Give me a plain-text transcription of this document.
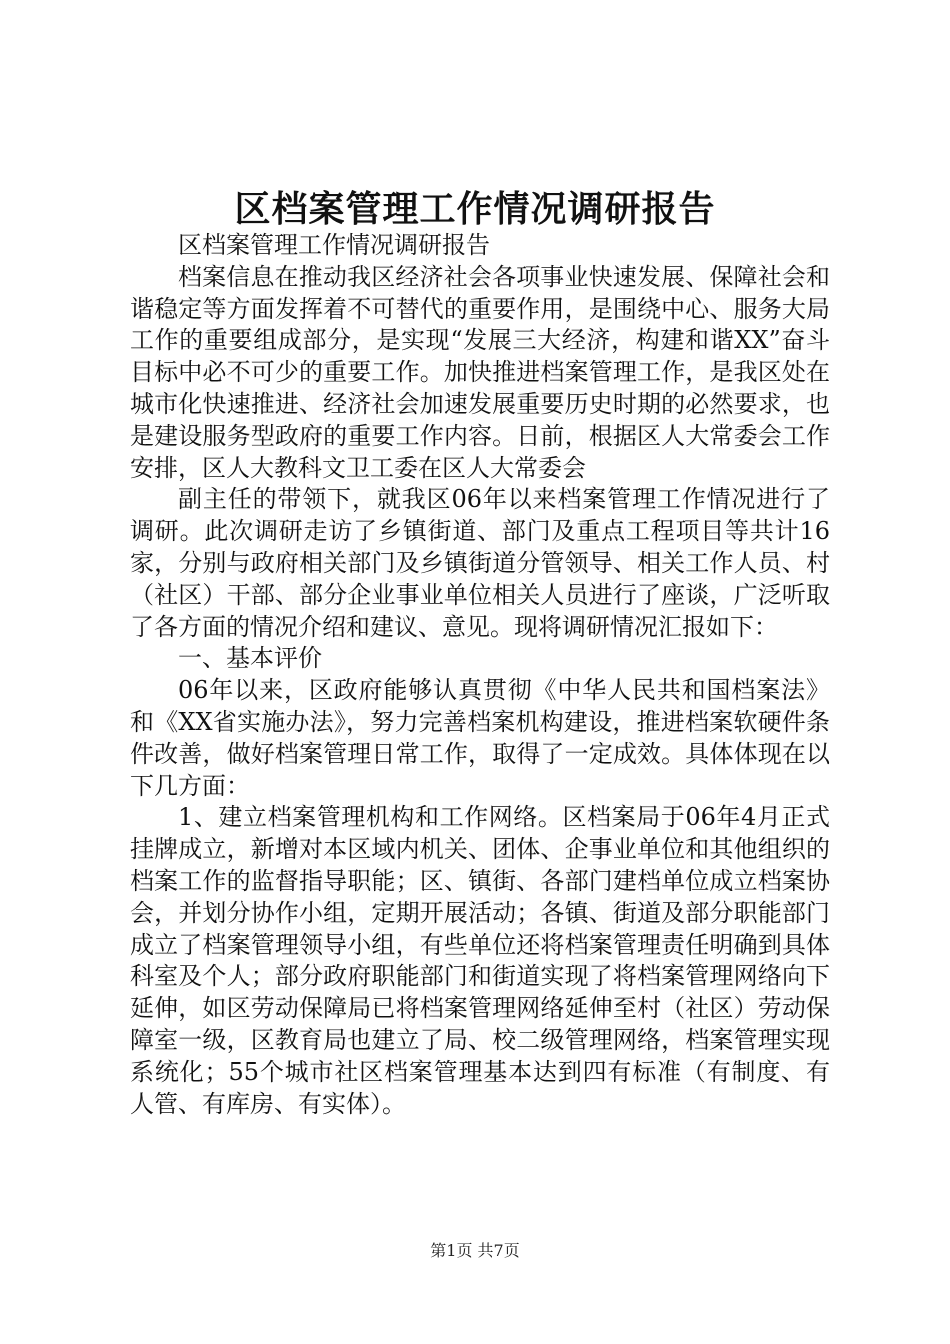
区档案管理工作情况调研报告

区档案管理工作情况调研报告

档案信息在推动我区经济社会各项事业快速发展、保障社会和谐稳定等方面发挥着不可替代的重要作用，是围绕中心、服务大局工作的重要组成部分，是实现“发展三大经济，构建和谐XX”奋斗目标中必不可少的重要工作。加快推进档案管理工作，是我区处在城市化快速推进、经济社会加速发展重要历史时期的必然要求，也是建设服务型政府的重要工作内容。日前，根据区人大常委会工作安排，区人大教科文卫工委在区人大常委会

副主任的带领下，就我区06年以来档案管理工作情况进行了调研。此次调研走访了乡镇街道、部门及重点工程项目等共计16家，分别与政府相关部门及乡镇街道分管领导、相关工作人员、村（社区）干部、部分企业事业单位相关人员进行了座谈，广泛听取了各方面的情况介绍和建议、意见。现将调研情况汇报如下：

一、基本评价

06年以来，区政府能够认真贯彻《中华人民共和国档案法》和《XX省实施办法》，努力完善档案机构建设，推进档案软硬件条件改善，做好档案管理日常工作，取得了一定成效。具体体现在以下几方面：

1、建立档案管理机构和工作网络。区档案局于06年4月正式挂牌成立，新增对本区域内机关、团体、企事业单位和其他组织的档案工作的监督指导职能；区、镇街、各部门建档单位成立档案协会，并划分协作小组，定期开展活动；各镇、街道及部分职能部门成立了档案管理领导小组，有些单位还将档案管理责任明确到具体科室及个人；部分政府职能部门和街道实现了将档案管理网络向下延伸，如区劳动保障局已将档案管理网络延伸至村（社区）劳动保障室一级，区教育局也建立了局、校二级管理网络，档案管理实现系统化；55个城市社区档案管理基本达到四有标准（有制度、有人管、有库房、有实体）。

第1页 共7页
